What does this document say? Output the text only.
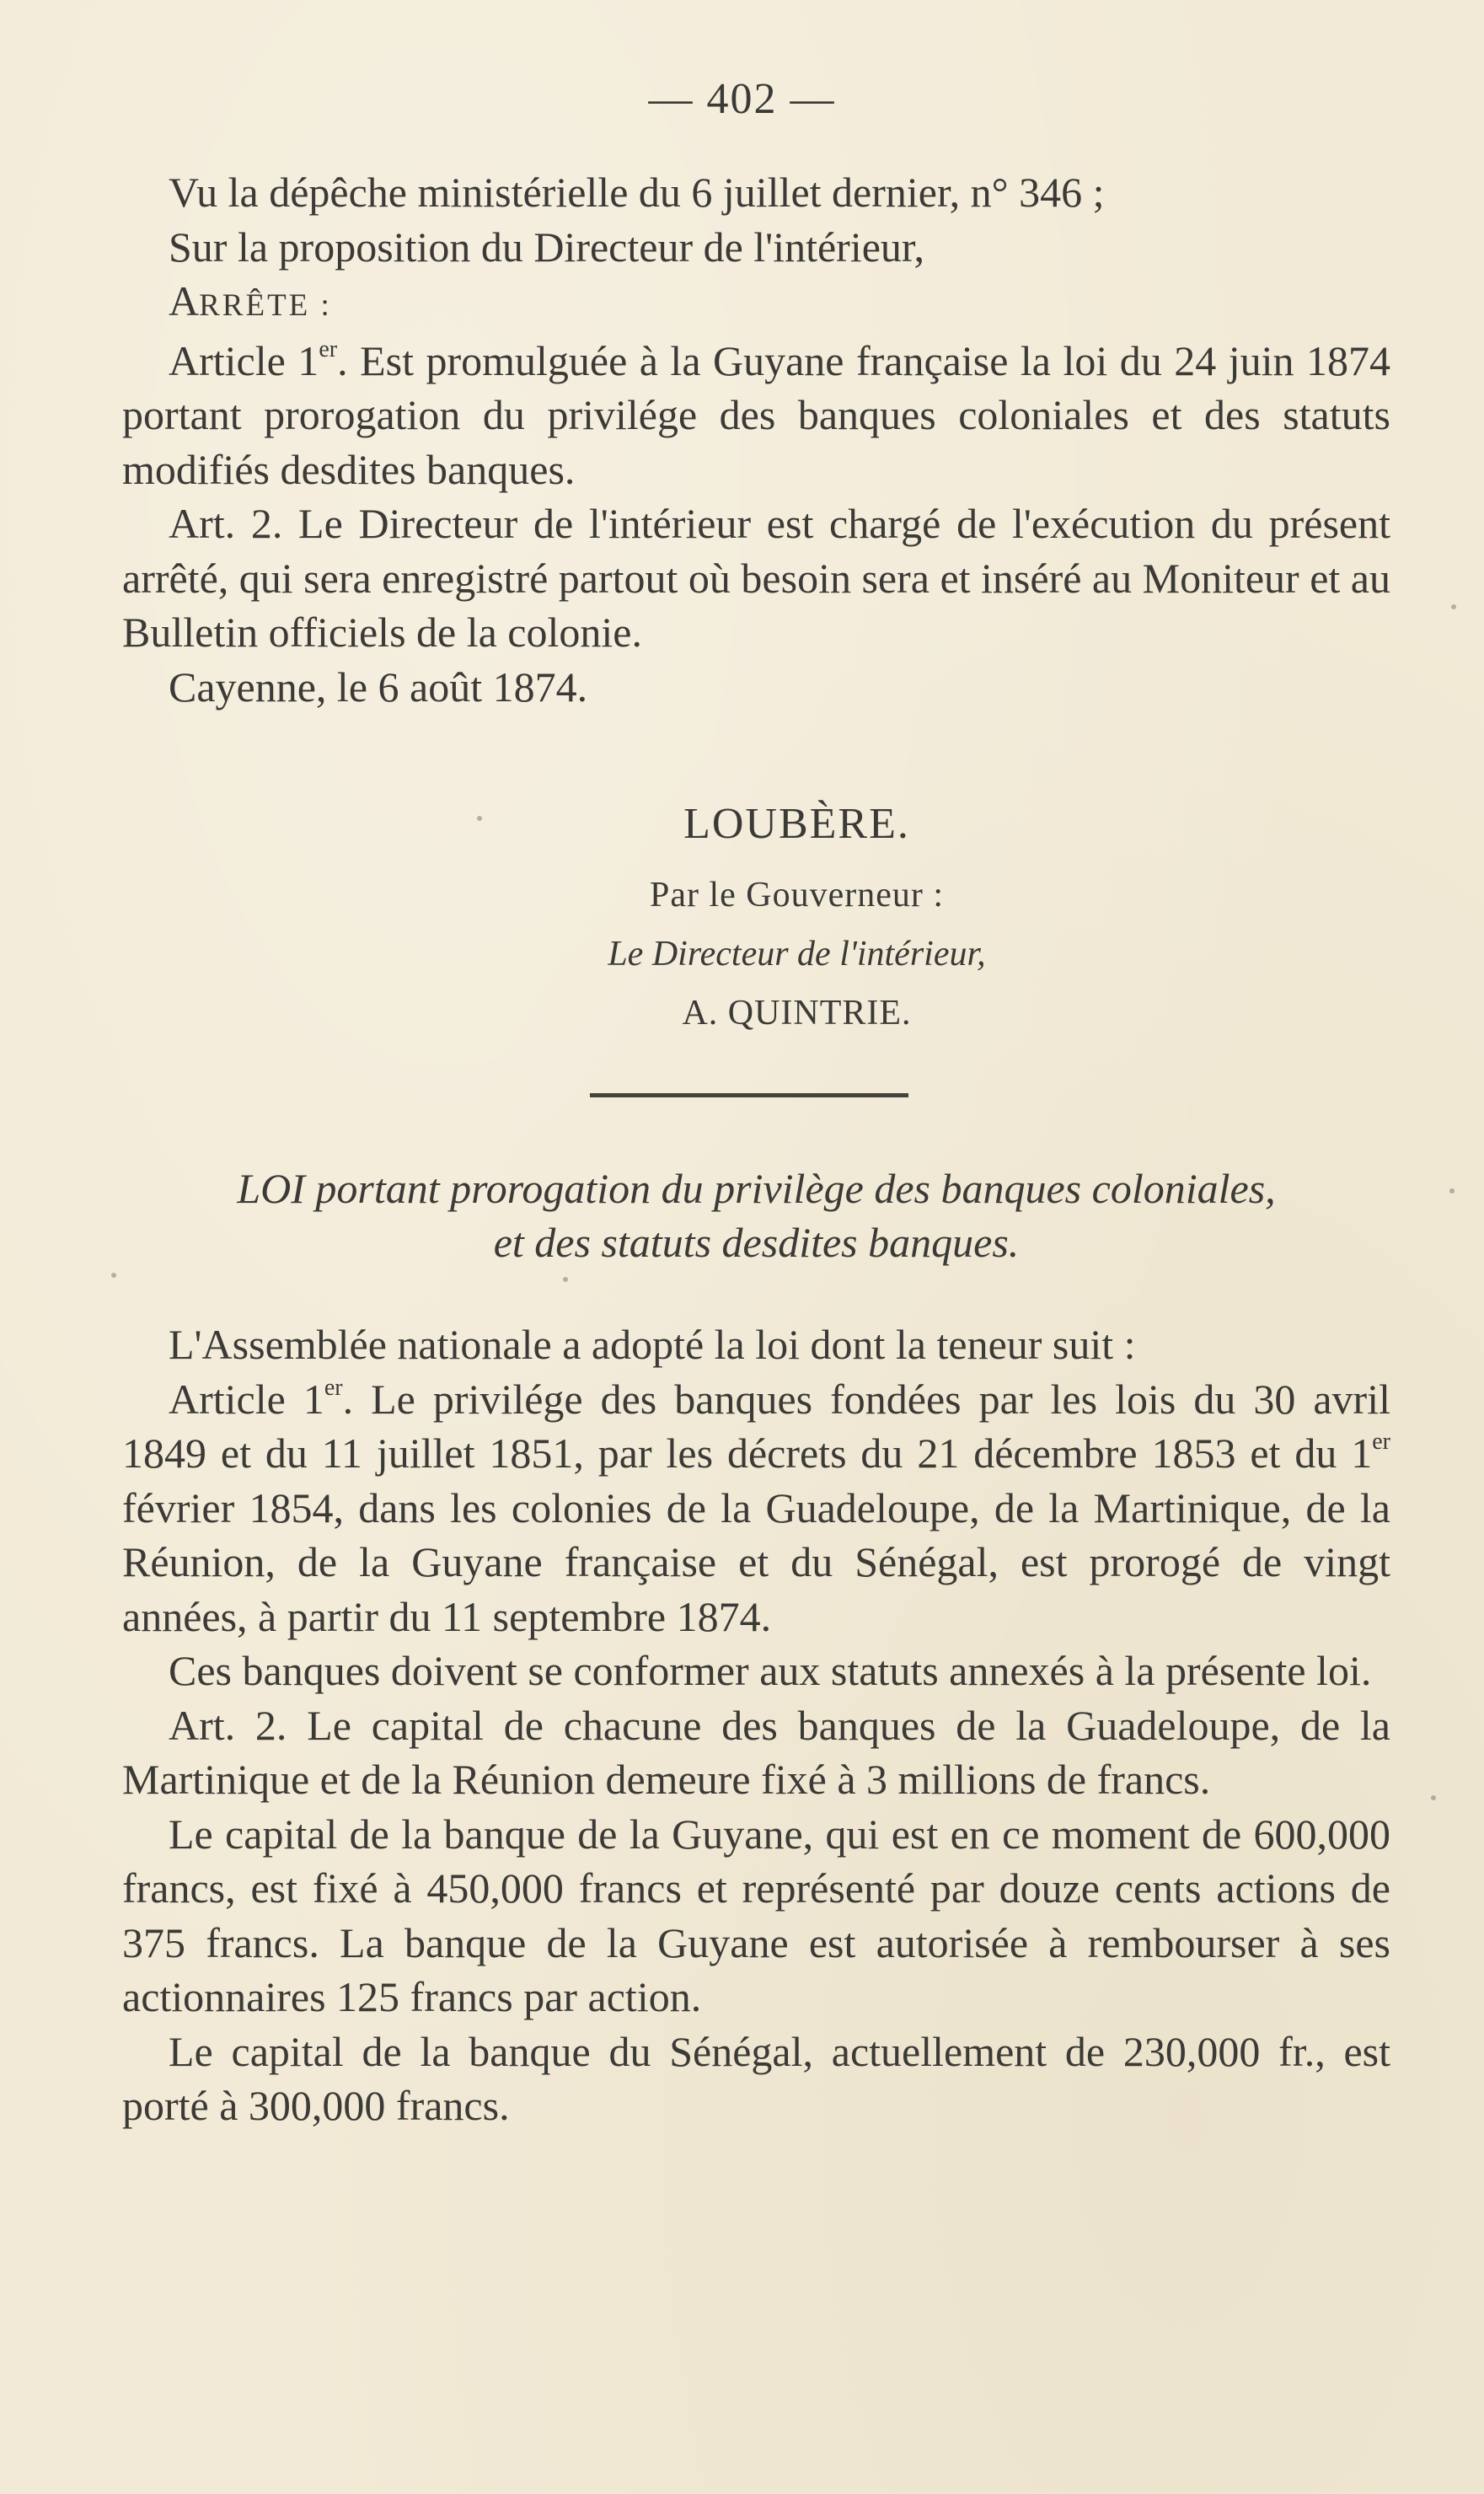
— 402 —

Vu la dépêche ministérielle du 6 juillet dernier, n° 346 ;

Sur la proposition du Directeur de l'intérieur,

ARRÊTE :

Article 1er. Est promulguée à la Guyane française la loi du 24 juin 1874 portant prorogation du privilége des banques coloniales et des statuts modifiés desdites banques.

Art. 2. Le Directeur de l'intérieur est chargé de l'exécution du présent arrêté, qui sera enregistré partout où besoin sera et inséré au Moniteur et au Bulletin officiels de la colonie.

Cayenne, le 6 août 1874.

LOUBÈRE.
Par le Gouverneur :
Le Directeur de l'intérieur,
A. QUINTRIE.
LOI portant prorogation du privilège des banques coloniales,
et des statuts desdites banques.

L'Assemblée nationale a adopté la loi dont la teneur suit :

Article 1er. Le privilége des banques fondées par les lois du 30 avril 1849 et du 11 juillet 1851, par les décrets du 21 décembre 1853 et du 1er février 1854, dans les colonies de la Guadeloupe, de la Martinique, de la Réunion, de la Guyane française et du Sénégal, est prorogé de vingt années, à partir du 11 septembre 1874.

Ces banques doivent se conformer aux statuts annexés à la présente loi.

Art. 2. Le capital de chacune des banques de la Guadeloupe, de la Martinique et de la Réunion demeure fixé à 3 millions de francs.

Le capital de la banque de la Guyane, qui est en ce moment de 600,000 francs, est fixé à 450,000 francs et représenté par douze cents actions de 375 francs. La banque de la Guyane est autorisée à rembourser à ses actionnaires 125 francs par action.

Le capital de la banque du Sénégal, actuellement de 230,000 fr., est porté à 300,000 francs.
